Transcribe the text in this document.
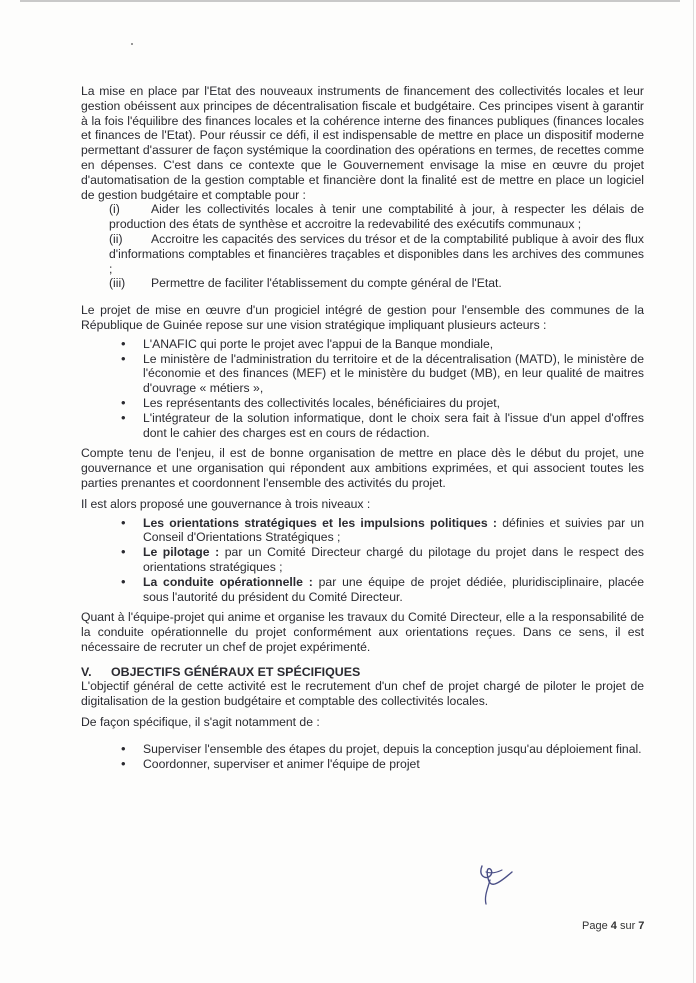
La mise en place par l'Etat des nouveaux instruments de financement des collectivités locales et leur gestion obéissent aux principes de décentralisation fiscale et budgétaire. Ces principes visent à garantir à la fois l'équilibre des finances locales et la cohérence interne des finances publiques (finances locales et finances de l'Etat). Pour réussir ce défi, il est indispensable de mettre en place un dispositif moderne permettant d'assurer de façon systémique la coordination des opérations en termes, de recettes comme en dépenses. C'est dans ce contexte que le Gouvernement envisage la mise en œuvre du projet d'automatisation de la gestion comptable et financière dont la finalité est de mettre en place un logiciel de gestion budgétaire et comptable pour :

(i)	Aider les collectivités locales à tenir une comptabilité à jour, à respecter les délais de production des états de synthèse et accroitre la redevabilité des exécutifs communaux ;
(ii) Accroitre les capacités des services du trésor et de la comptabilité publique à avoir des flux d'informations comptables et financières traçables et disponibles dans les archives des communes ;
(iii) Permettre de faciliter l'établissement du compte général de l'Etat.

Le projet de mise en œuvre d'un progiciel intégré de gestion pour l'ensemble des communes de la République de Guinée repose sur une vision stratégique impliquant plusieurs acteurs :

• L'ANAFIC qui porte le projet avec l'appui de la Banque mondiale,
• Le ministère de l'administration du territoire et de la décentralisation (MATD), le ministère de l'économie et des finances (MEF) et le ministère du budget (MB), en leur qualité de maitres d'ouvrage « métiers »,
• Les représentants des collectivités locales, bénéficiaires du projet,
• L'intégrateur de la solution informatique, dont le choix sera fait à l'issue d'un appel d'offres dont le cahier des charges est en cours de rédaction.

Compte tenu de l'enjeu, il est de bonne organisation de mettre en place dès le début du projet, une gouvernance et une organisation qui répondent aux ambitions exprimées, et qui associent toutes les parties prenantes et coordonnent l'ensemble des activités du projet.

Il est alors proposé une gouvernance à trois niveaux :

• Les orientations stratégiques et les impulsions politiques : définies et suivies par un Conseil d'Orientations Stratégiques ;
• Le pilotage : par un Comité Directeur chargé du pilotage du projet dans le respect des orientations stratégiques ;
• La conduite opérationnelle : par une équipe de projet dédiée, pluridisciplinaire, placée sous l'autorité du président du Comité Directeur.

Quant à l'équipe-projet qui anime et organise les travaux du Comité Directeur, elle a la responsabilité de la conduite opérationnelle du projet conformément aux orientations reçues. Dans ce sens, il est nécessaire de recruter un chef de projet expérimenté.

V. OBJECTIFS GÉNÉRAUX ET SPÉCIFIQUES

L'objectif général de cette activité est le recrutement d'un chef de projet chargé de piloter le projet de digitalisation de la gestion budgétaire et comptable des collectivités locales.

De façon spécifique, il s'agit notamment de :

• Superviser l'ensemble des étapes du projet, depuis la conception jusqu'au déploiement final.
• Coordonner, superviser et animer l'équipe de projet
Page 4 sur 7
